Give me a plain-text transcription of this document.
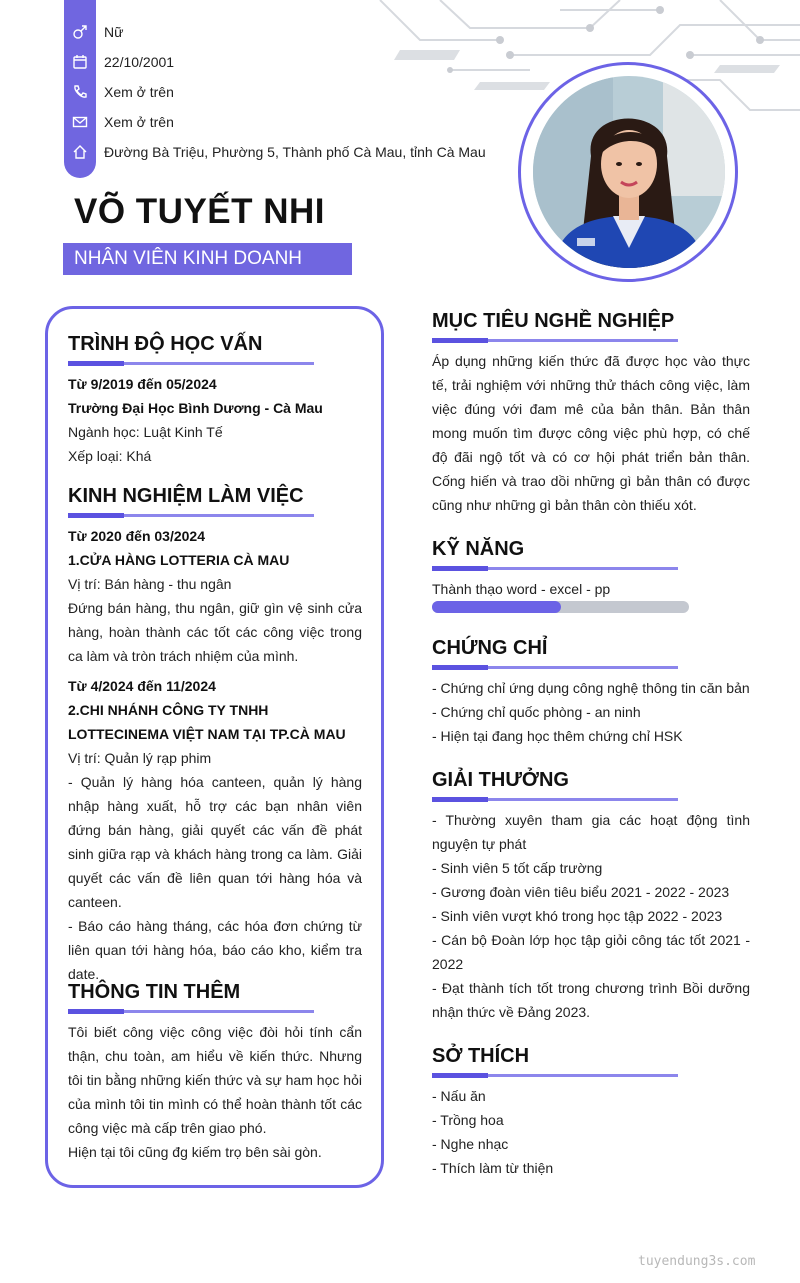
Nữ
22/10/2001
Xem ở trên
Xem ở trên
Đường Bà Triệu, Phường 5, Thành phố Cà Mau, tỉnh Cà Mau
VÕ TUYẾT NHI
NHÂN VIÊN KINH DOANH
TRÌNH ĐỘ HỌC VẤN
Từ 9/2019 đến 05/2024
Trường Đại Học Bình Dương - Cà Mau
Ngành học: Luật Kinh Tế
Xếp loại: Khá
KINH NGHIỆM LÀM VIỆC
Từ 2020 đến 03/2024
1.CỬA HÀNG LOTTERIA CÀ MAU
Vị trí: Bán hàng - thu ngân
Đứng bán hàng, thu ngân, giữ gìn vệ sinh cửa hàng, hoàn thành các tốt các công việc trong ca làm và tròn trách nhiệm của mình.
Từ 4/2024 đến 11/2024
2.CHI NHÁNH CÔNG TY TNHH LOTTECINEMA VIỆT NAM TẠI TP.CÀ MAU
Vị trí: Quản lý rạp phim
- Quản lý hàng hóa canteen, quản lý hàng nhập hàng xuất, hỗ trợ các bạn nhân viên đứng bán hàng, giải quyết các vấn đề phát sinh giữa rạp và khách hàng trong ca làm. Giải quyết các vấn đề liên quan tới hàng hóa và canteen.
- Báo cáo hàng tháng, các hóa đơn chứng từ liên quan tới hàng hóa, báo cáo kho, kiểm tra date.
THÔNG TIN THÊM
Tôi biết công việc công việc đòi hỏi tính cẩn thận, chu toàn, am hiểu về kiến thức. Nhưng tôi tin bằng những kiến thức và sự ham học hỏi của mình tôi tin mình có thể hoàn thành tốt các công việc mà cấp trên giao phó.
Hiện tại tôi cũng đg kiếm trọ bên sài gòn.
MỤC TIÊU NGHỀ NGHIỆP
Áp dụng những kiến thức đã được học vào thực tế, trải nghiệm với những thử thách công việc, làm việc đúng với đam mê của bản thân. Bản thân mong muốn tìm được công việc phù hợp, có chế độ đãi ngộ tốt và có cơ hội phát triển bản thân. Cống hiến và trao dồi những gì bản thân có được cũng như những gì bản thân còn thiếu xót.
KỸ NĂNG
Thành thạo word - excel - pp
CHỨNG CHỈ
- Chứng chỉ ứng dụng công nghệ thông tin căn bản
- Chứng chỉ quốc phòng - an ninh
- Hiện tại đang học thêm chứng chỉ HSK
GIẢI THƯỞNG
- Thường xuyên tham gia các hoạt động tình nguyện tự phát
- Sinh viên 5 tốt cấp trường
- Gương đoàn viên tiêu biểu 2021 - 2022 - 2023
- Sinh viên vượt khó trong học tập 2022 - 2023
- Cán bộ Đoàn lớp học tập giỏi công tác tốt 2021 - 2022
- Đạt thành tích tốt trong chương trình Bồi dưỡng nhận thức về Đảng 2023.
SỞ THÍCH
- Nấu ăn
- Trồng hoa
- Nghe nhạc
- Thích làm từ thiện
tuyendung3s.com
